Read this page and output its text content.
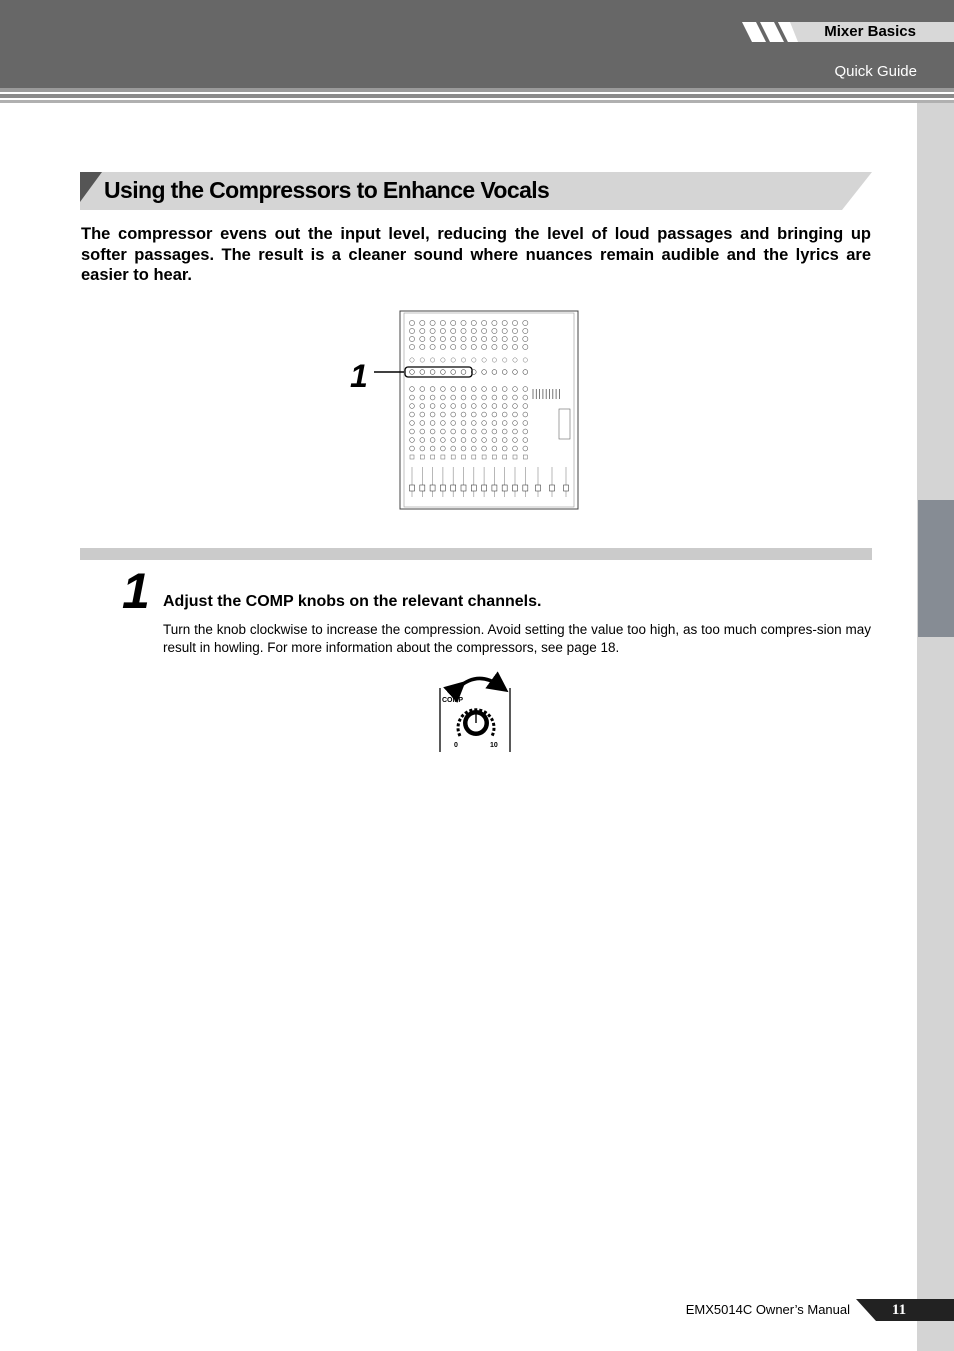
Mixer Basics
Quick Guide
Using the Compressors to Enhance Vocals
The compressor evens out the input level, reducing the level of loud passages and bringing up softer passages. The result is a cleaner sound where nuances remain audible and the lyrics are easier to hear.
1
1 Adjust the COMP knobs on the relevant channels.
Turn the knob clockwise to increase the compression. Avoid setting the value too high, as too much compres-sion may result in howling. For more information about the compressors, see page 18.
COMP
0	10
EMX5014C Owner’s Manual	11
